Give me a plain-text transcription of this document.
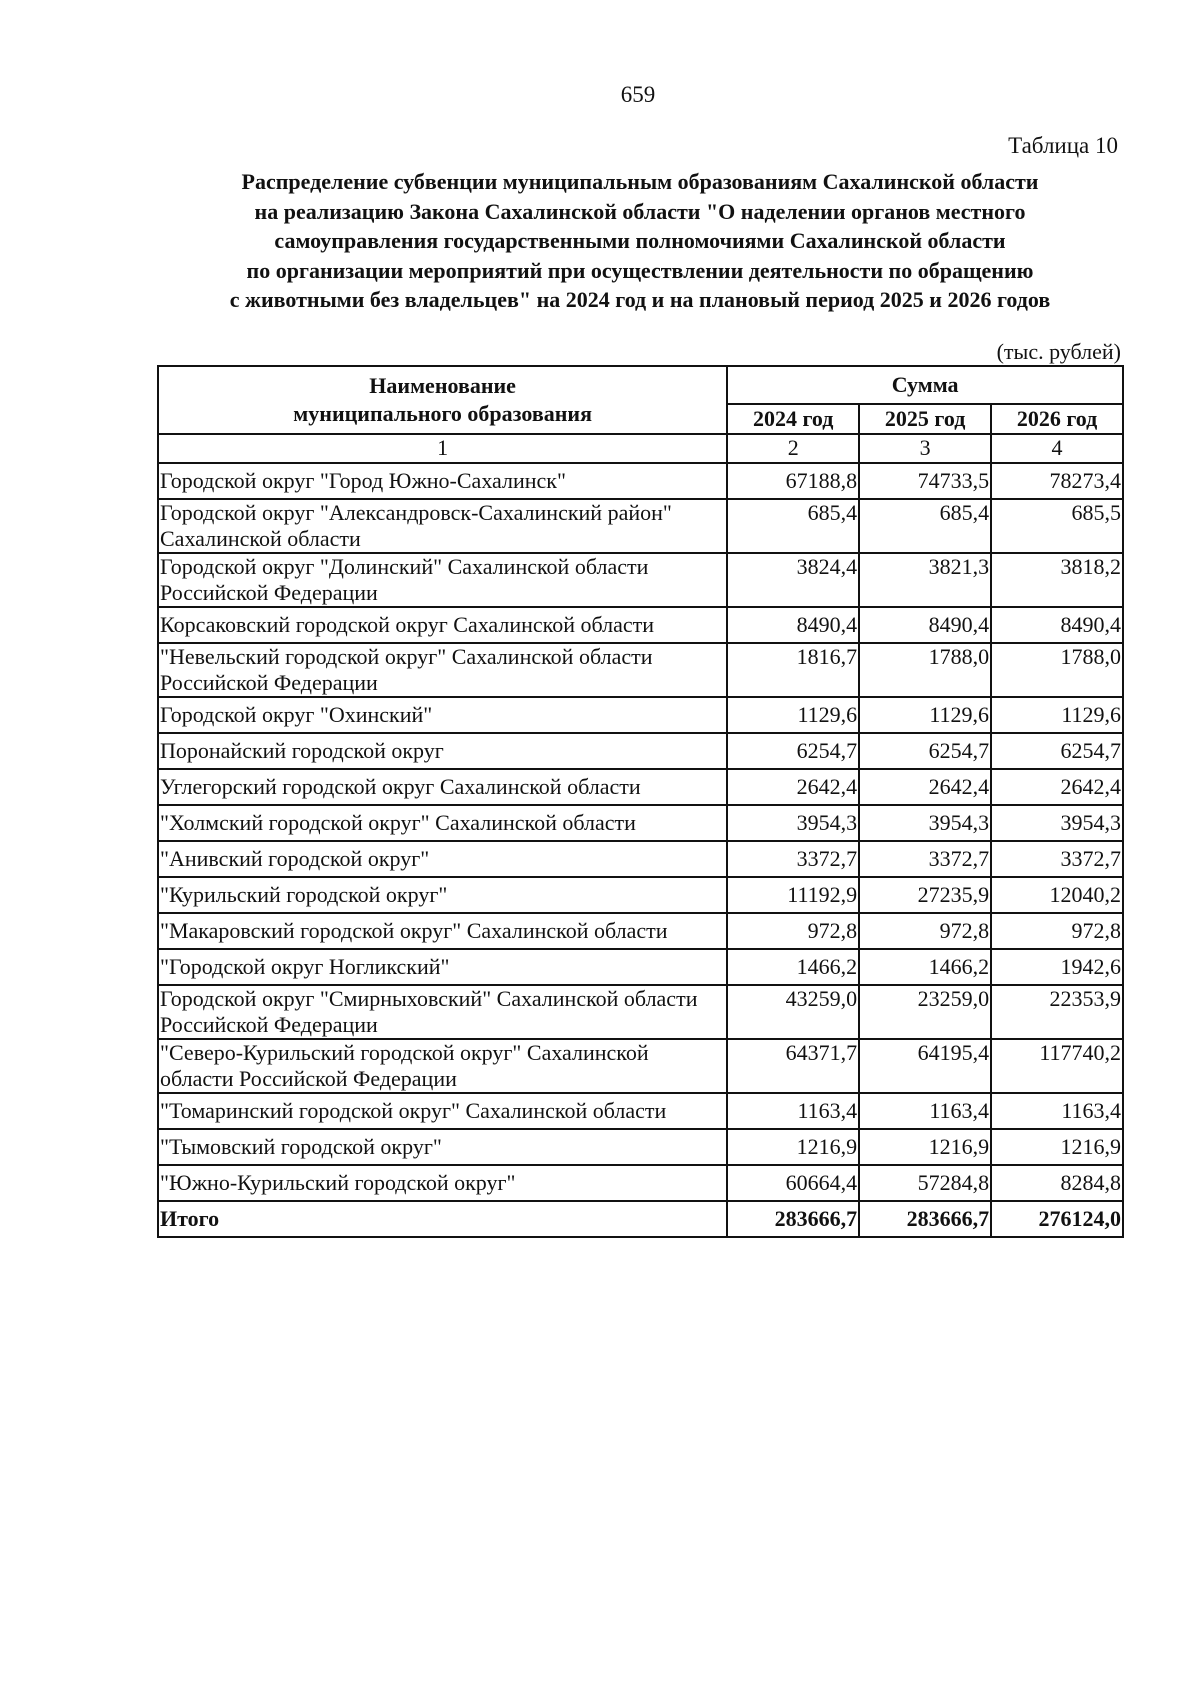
659
Таблица 10
Распределение субвенции муниципальным образованиям Сахалинской области
на реализацию Закона Сахалинской области "О наделении органов местного
самоуправления государственными полномочиями Сахалинской области
по организации мероприятий при осуществлении деятельности по обращению
с животными без владельцев" на 2024 год и на плановый период 2025 и 2026 годов
(тыс. рублей)
Наименование
муниципального образования	Сумма		
	2024 год	2025 год	2026 год
1	2	3	4
Городской округ "Город Южно-Сахалинск"	67188,8	74733,5	78273,4
Городской округ "Александровск-Сахалинский район" Сахалинской области	685,4	685,4	685,5
Городской округ "Долинский" Сахалинской области Российской Федерации	3824,4	3821,3	3818,2
Корсаковский городской округ Сахалинской области	8490,4	8490,4	8490,4
"Невельский городской округ" Сахалинской области Российской Федерации	1816,7	1788,0	1788,0
Городской округ "Охинский"	1129,6	1129,6	1129,6
Поронайский городской округ	6254,7	6254,7	6254,7
Углегорский городской округ Сахалинской области	2642,4	2642,4	2642,4
"Холмский городской округ" Сахалинской области	3954,3	3954,3	3954,3
"Анивский городской округ"	3372,7	3372,7	3372,7
"Курильский городской округ"	11192,9	27235,9	12040,2
"Макаровский городской округ" Сахалинской области	972,8	972,8	972,8
"Городской округ Ногликский"	1466,2	1466,2	1942,6
Городской округ "Смирныховский" Сахалинской области Российской Федерации	43259,0	23259,0	22353,9
"Северо-Курильский городской округ" Сахалинской области Российской Федерации	64371,7	64195,4	117740,2
"Томаринский городской округ" Сахалинской области	1163,4	1163,4	1163,4
"Тымовский городской округ"	1216,9	1216,9	1216,9
"Южно-Курильский городской округ"	60664,4	57284,8	8284,8
Итого	283666,7	283666,7	276124,0
